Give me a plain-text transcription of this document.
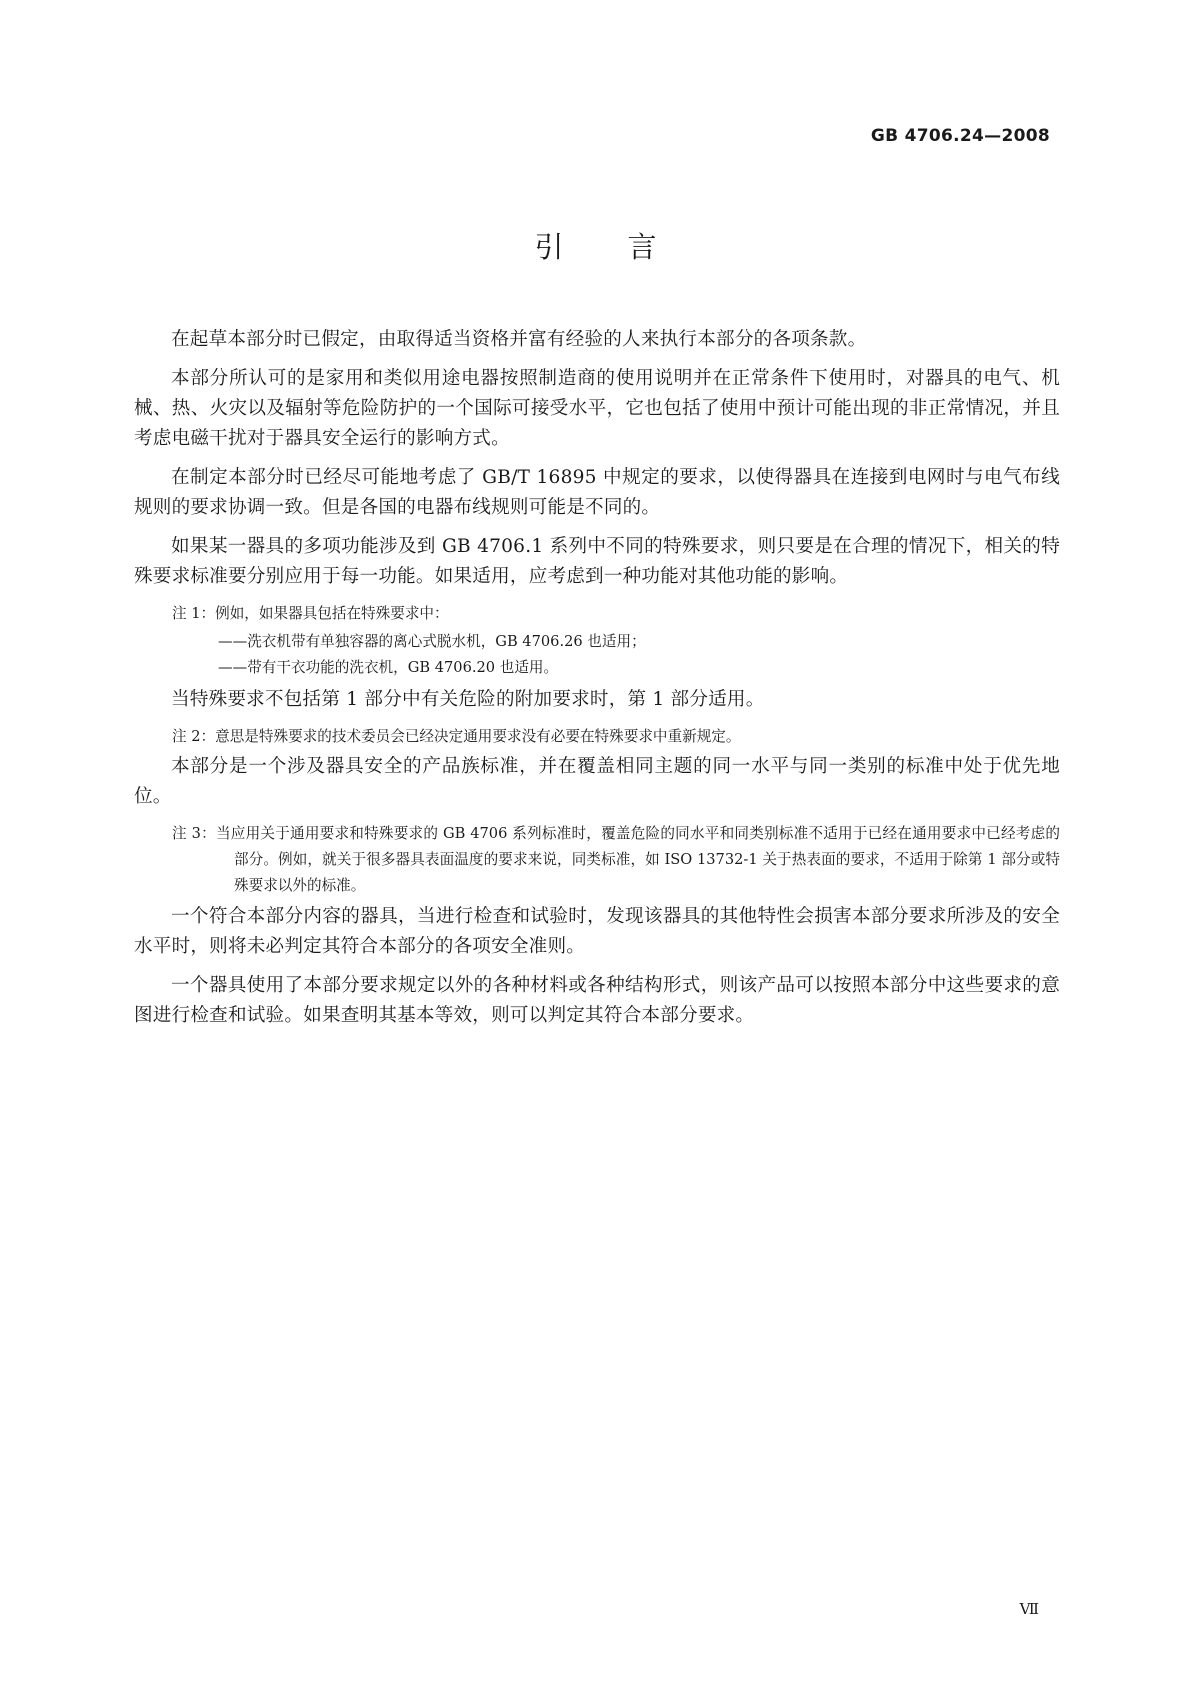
GB 4706.24—2008
引言

在起草本部分时已假定，由取得适当资格并富有经验的人来执行本部分的各项条款。

本部分所认可的是家用和类似用途电器按照制造商的使用说明并在正常条件下使用时，对器具的电气、机械、热、火灾以及辐射等危险防护的一个国际可接受水平，它也包括了使用中预计可能出现的非正常情况，并且考虑电磁干扰对于器具安全运行的影响方式。

在制定本部分时已经尽可能地考虑了 GB/T 16895 中规定的要求，以使得器具在连接到电网时与电气布线规则的要求协调一致。但是各国的电器布线规则可能是不同的。

如果某一器具的多项功能涉及到 GB 4706.1 系列中不同的特殊要求，则只要是在合理的情况下，相关的特殊要求标准要分别应用于每一功能。如果适用，应考虑到一种功能对其他功能的影响。

注 1：例如，如果器具包括在特殊要求中：

——洗衣机带有单独容器的离心式脱水机，GB 4706.26 也适用；

——带有干衣功能的洗衣机，GB 4706.20 也适用。

当特殊要求不包括第 1 部分中有关危险的附加要求时，第 1 部分适用。

注 2：意思是特殊要求的技术委员会已经决定通用要求没有必要在特殊要求中重新规定。

本部分是一个涉及器具安全的产品族标准，并在覆盖相同主题的同一水平与同一类别的标准中处于优先地位。

注 3：当应用关于通用要求和特殊要求的 GB 4706 系列标准时，覆盖危险的同水平和同类别标准不适用于已经在通用要求中已经考虑的部分。例如，就关于很多器具表面温度的要求来说，同类标准，如 ISO 13732-1 关于热表面的要求，不适用于除第 1 部分或特殊要求以外的标准。

一个符合本部分内容的器具，当进行检查和试验时，发现该器具的其他特性会损害本部分要求所涉及的安全水平时，则将未必判定其符合本部分的各项安全准则。

一个器具使用了本部分要求规定以外的各种材料或各种结构形式，则该产品可以按照本部分中这些要求的意图进行检查和试验。如果查明其基本等效，则可以判定其符合本部分要求。

Ⅶ
